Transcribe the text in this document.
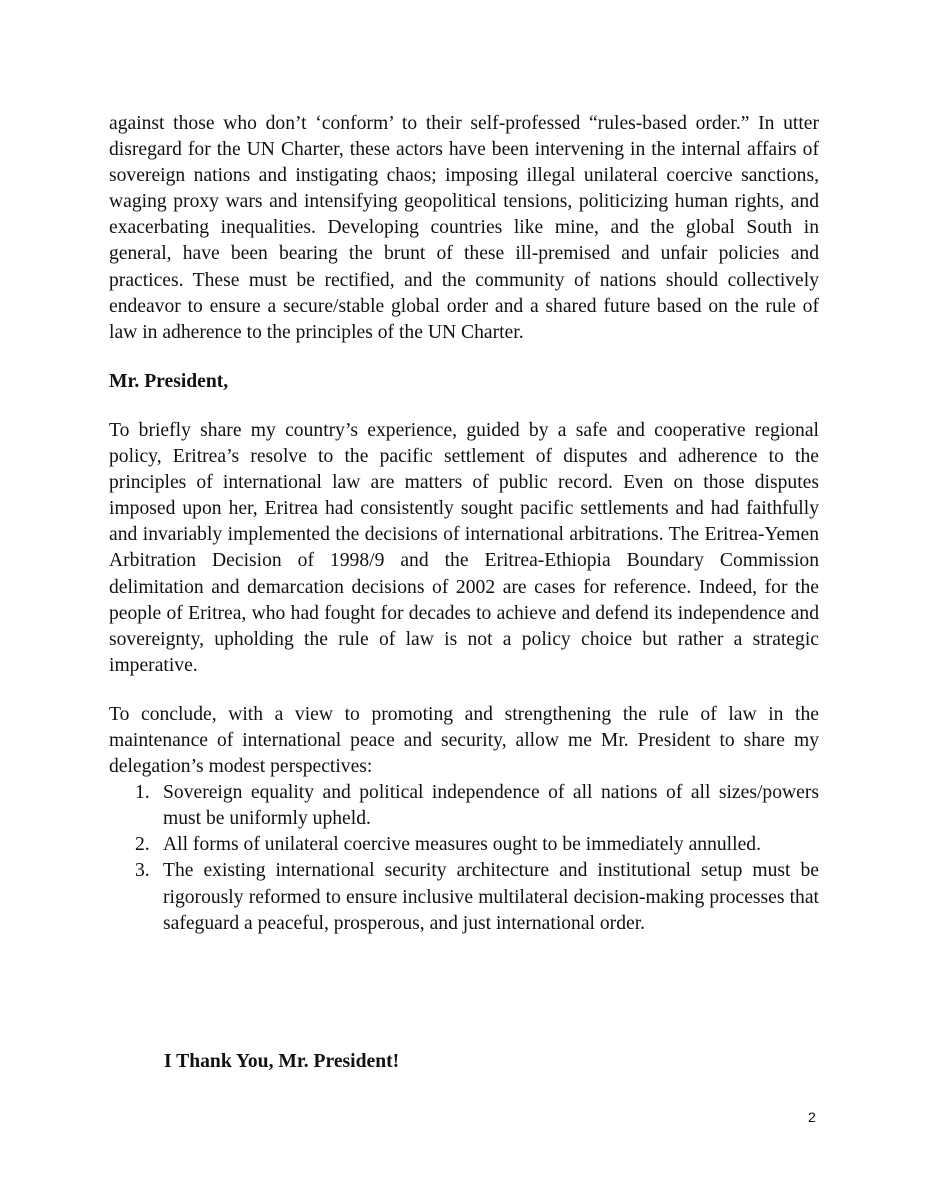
against those who don’t ‘conform’ to their self-professed “rules-based order.” In utter disregard for the UN Charter, these actors have been intervening in the internal affairs of sovereign nations and instigating chaos; imposing illegal unilateral coercive sanctions, waging proxy wars and intensifying geopolitical tensions, politicizing human rights, and exacerbating inequalities. Developing countries like mine, and the global South in general, have been bearing the brunt of these ill-premised and unfair policies and practices. These must be rectified, and the community of nations should collectively endeavor to ensure a secure/stable global order and a shared future based on the rule of law in adherence to the principles of the UN Charter.

Mr. President,

To briefly share my country’s experience, guided by a safe and cooperative regional policy, Eritrea’s resolve to the pacific settlement of disputes and adherence to the principles of international law are matters of public record. Even on those disputes imposed upon her, Eritrea had consistently sought pacific settlements and had faithfully and invariably implemented the decisions of international arbitrations. The Eritrea-Yemen Arbitration Decision of 1998/9 and the Eritrea-Ethiopia Boundary Commission delimitation and demarcation decisions of 2002 are cases for reference. Indeed, for the people of Eritrea, who had fought for decades to achieve and defend its independence and sovereignty, upholding the rule of law is not a policy choice but rather a strategic imperative.

To conclude, with a view to promoting and strengthening the rule of law in the maintenance of international peace and security, allow me Mr. President to share my delegation’s modest perspectives:

1. Sovereign equality and political independence of all nations of all sizes/powers must be uniformly upheld.
2. All forms of unilateral coercive measures ought to be immediately annulled.
3. The existing international security architecture and institutional setup must be rigorously reformed to ensure inclusive multilateral decision-making processes that safeguard a peaceful, prosperous, and just international order.
I Thank You, Mr. President!
2
